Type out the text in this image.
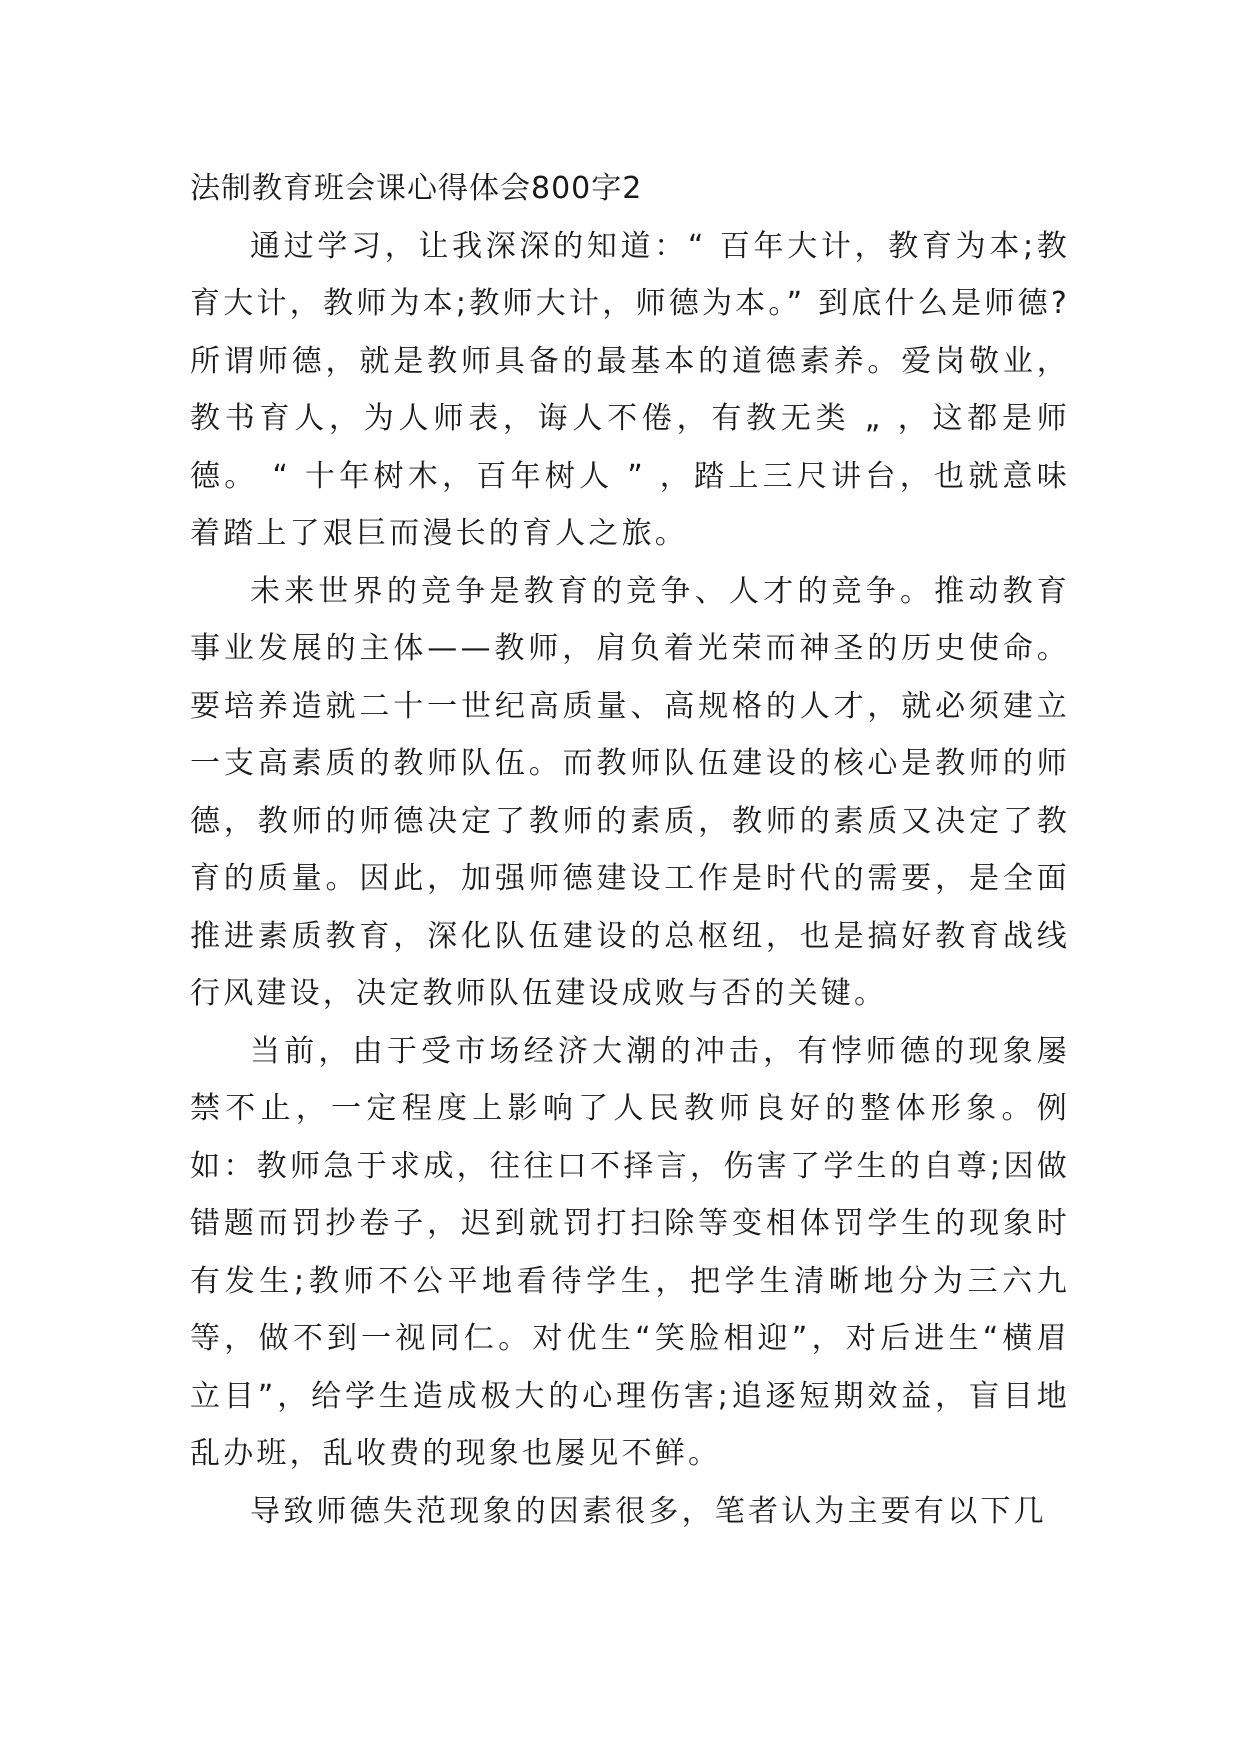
法制教育班会课心得体会800字2

通过学习，让我深深的知道：“ 百年大计，教育为本;教育大计，教师为本;教师大计，师德为本。” 到底什么是师德?所谓师德，就是教师具备的最基本的道德素养。爱岗敬业，教书育人，为人师表，诲人不倦，有教无类 „ ，这都是师德。 “ 十年树木，百年树人 ” ，踏上三尺讲台，也就意味着踏上了艰巨而漫长的育人之旅。

未来世界的竞争是教育的竞争、人才的竞争。推动教育事业发展的主体——教师，肩负着光荣而神圣的历史使命。要培养造就二十一世纪高质量、高规格的人才，就必须建立一支高素质的教师队伍。而教师队伍建设的核心是教师的师德，教师的师德决定了教师的素质，教师的素质又决定了教育的质量。因此，加强师德建设工作是时代的需要，是全面推进素质教育，深化队伍建设的总枢纽，也是搞好教育战线行风建设，决定教师队伍建设成败与否的关键。

当前，由于受市场经济大潮的冲击，有悖师德的现象屡禁不止，一定程度上影响了人民教师良好的整体形象。例如：教师急于求成，往往口不择言，伤害了学生的自尊;因做错题而罚抄卷子，迟到就罚打扫除等变相体罚学生的现象时有发生;教师不公平地看待学生，把学生清晰地分为三六九等，做不到一视同仁。对优生“笑脸相迎”，对后进生“横眉立目”，给学生造成极大的心理伤害;追逐短期效益，盲目地乱办班，乱收费的现象也屡见不鲜。

导致师德失范现象的因素很多，笔者认为主要有以下几
